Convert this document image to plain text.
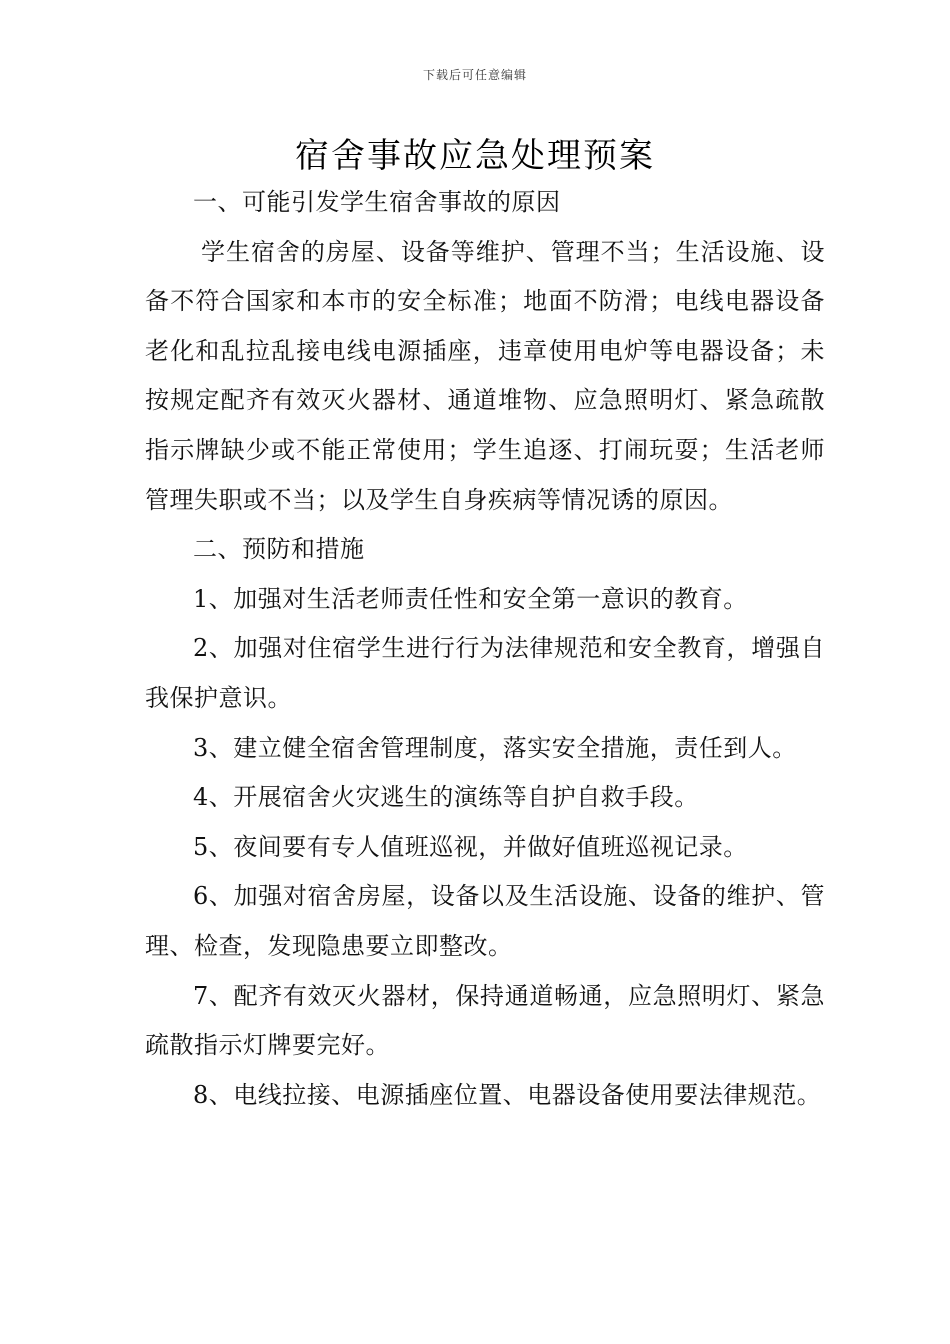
下载后可任意编辑
宿舍事故应急处理预案

一、可能引发学生宿舍事故的原因

学生宿舍的房屋、设备等维护、管理不当；生活设施、设备不符合国家和本市的安全标准；地面不防滑；电线电器设备老化和乱拉乱接电线电源插座，违章使用电炉等电器设备；未按规定配齐有效灭火器材、通道堆物、应急照明灯、紧急疏散指示牌缺少或不能正常使用；学生追逐、打闹玩耍；生活老师管理失职或不当；以及学生自身疾病等情况诱的原因。

二、预防和措施

1、加强对生活老师责任性和安全第一意识的教育。

2、加强对住宿学生进行行为法律规范和安全教育，增强自我保护意识。

3、建立健全宿舍管理制度，落实安全措施，责任到人。

4、开展宿舍火灾逃生的演练等自护自救手段。

5、夜间要有专人值班巡视，并做好值班巡视记录。

6、加强对宿舍房屋，设备以及生活设施、设备的维护、管理、检查，发现隐患要立即整改。

7、配齐有效灭火器材，保持通道畅通，应急照明灯、紧急疏散指示灯牌要完好。

8、电线拉接、电源插座位置、电器设备使用要法律规范。
